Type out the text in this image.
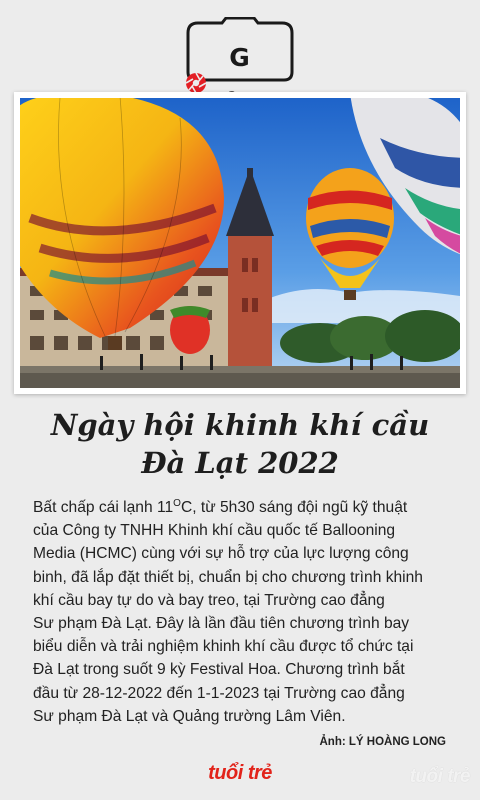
G
Ngày hội khinh khí cầu
Đà Lạt 2022
Bất chấp cái lạnh $11^OC$, từ 5h30 sáng đội ngũ kỹ thuật
của Công ty TNHH Khinh khí cầu quốc tế Ballooning
Media (HCMC) cùng với sự hỗ trợ của lực lượng công
binh, đã lắp đặt thiết bị, chuẩn bị cho chương trình khinh
khí cầu bay tự do và bay treo, tại Trường cao đẳng
Sư phạm Đà Lạt. Đây là lần đầu tiên chương trình bay
biểu diễn và trải nghiệm khinh khí cầu được tổ chức tại
Đà Lạt trong suốt 9 kỳ Festival Hoa. Chương trình bắt
đầu từ 28-12-2022 đến 1-1-2023 tại Trường cao đẳng
Sư phạm Đà Lạt và Quảng trường Lâm Viên.
Ảnh: LÝ HOÀNG LONG
tuổi trẻ	tuổi trẻ
